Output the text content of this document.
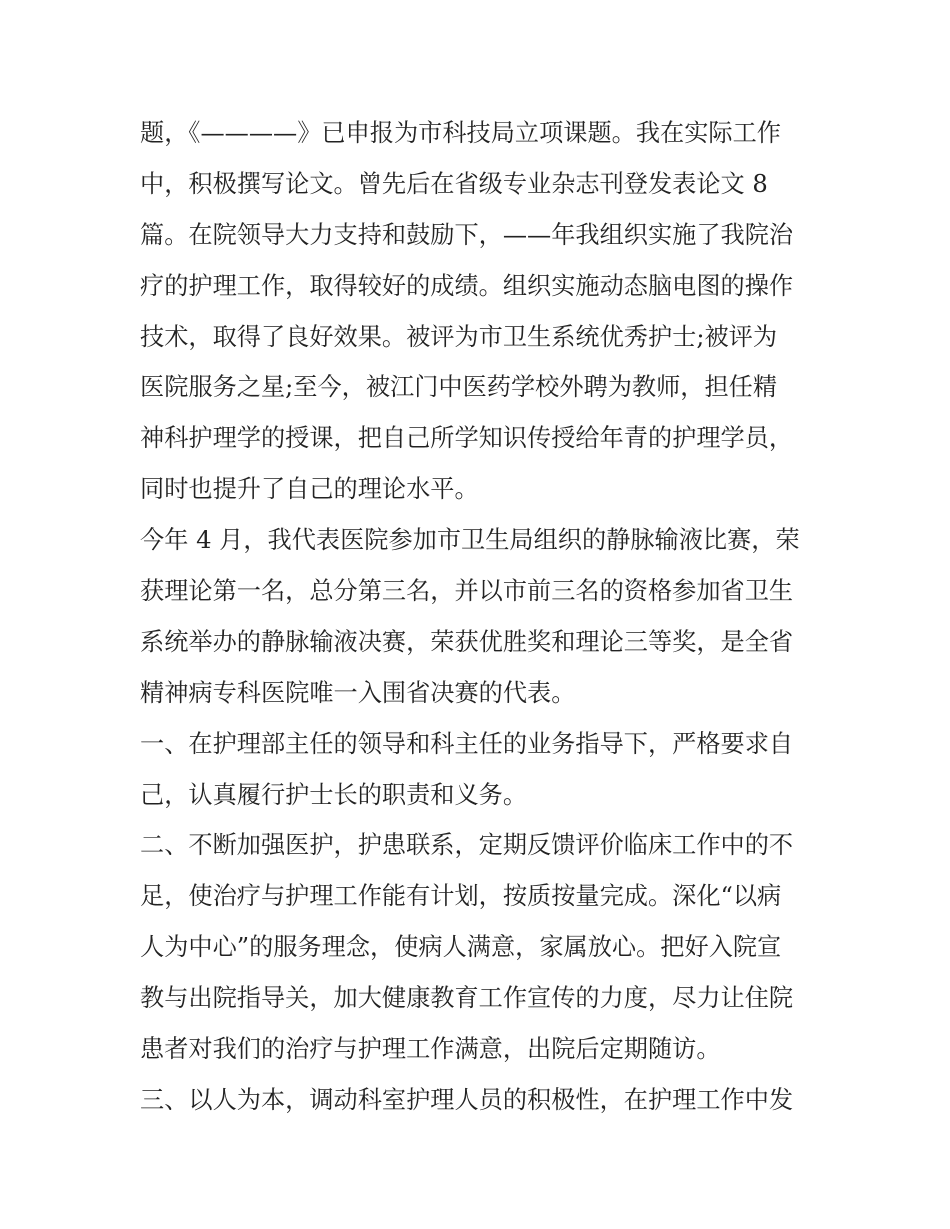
题，《————》已申报为市科技局立项课题。我在实际工作
中，积极撰写论文。曾先后在省级专业杂志刊登发表论文 8
篇。在院领导大力支持和鼓励下，——年我组织实施了我院治
疗的护理工作，取得较好的成绩。组织实施动态脑电图的操作
技术，取得了良好效果。被评为市卫生系统优秀护士;被评为
医院服务之星;至今，被江门中医药学校外聘为教师，担任精
神科护理学的授课，把自己所学知识传授给年青的护理学员，
同时也提升了自己的理论水平。
今年 4 月，我代表医院参加市卫生局组织的静脉输液比赛，荣
获理论第一名，总分第三名，并以市前三名的资格参加省卫生
系统举办的静脉输液决赛，荣获优胜奖和理论三等奖，是全省
精神病专科医院唯一入围省决赛的代表。
一、在护理部主任的领导和科主任的业务指导下，严格要求自
己，认真履行护士长的职责和义务。
二、不断加强医护，护患联系，定期反馈评价临床工作中的不
足，使治疗与护理工作能有计划，按质按量完成。深化“以病
人为中心”的服务理念，使病人满意，家属放心。把好入院宣
教与出院指导关，加大健康教育工作宣传的力度，尽力让住院
患者对我们的治疗与护理工作满意，出院后定期随访。
三、以人为本，调动科室护理人员的积极性，在护理工作中发
